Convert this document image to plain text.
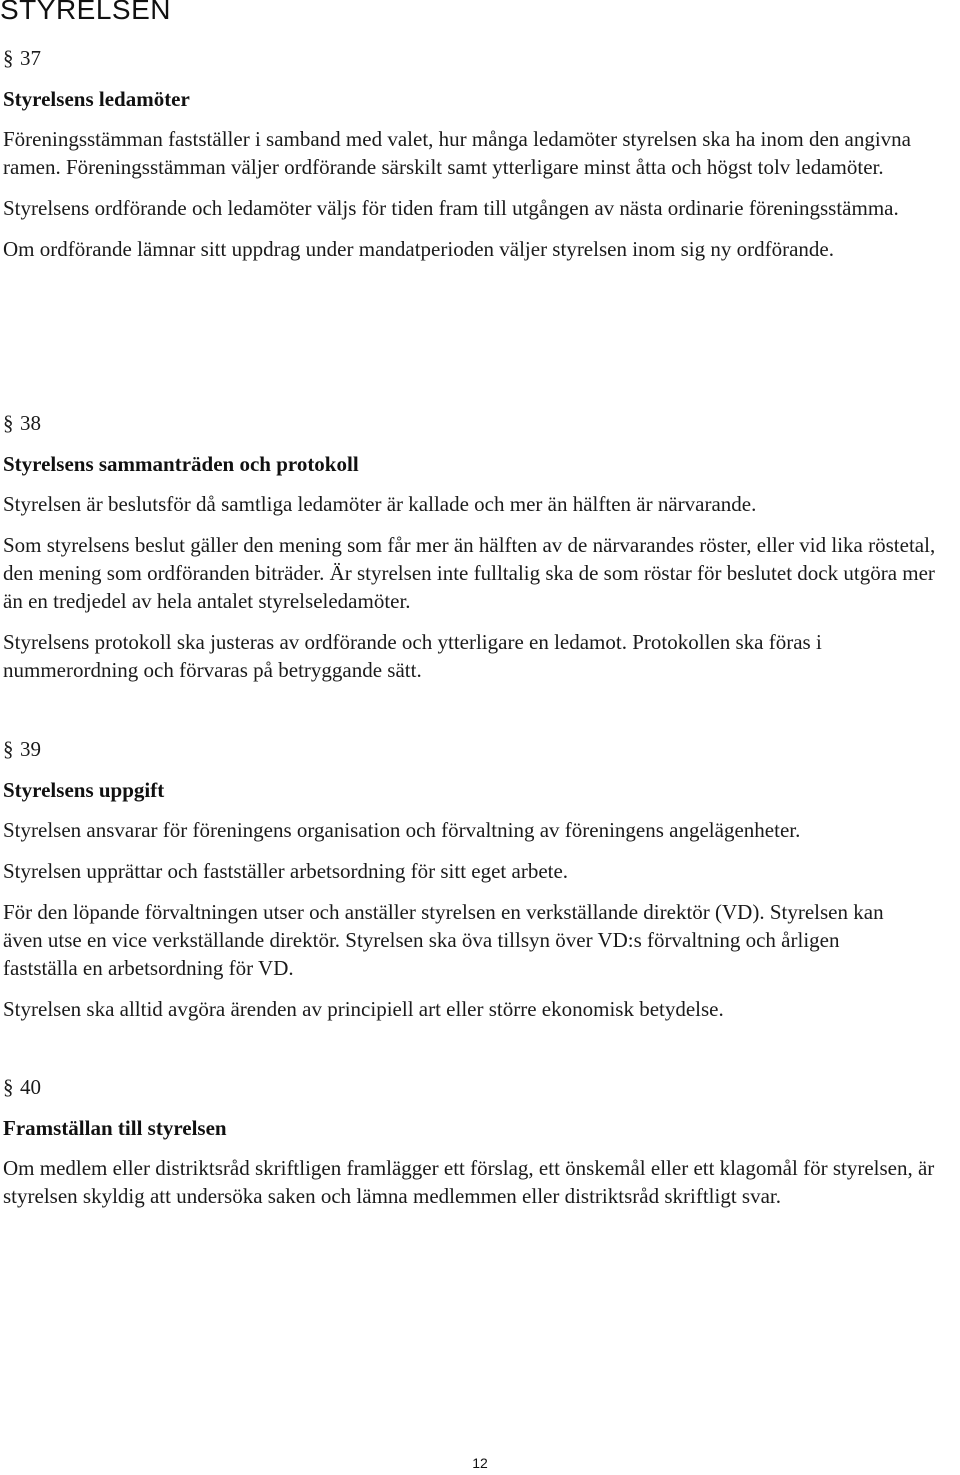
STYRELSEN
§ 37
Styrelsens ledamöter

Föreningsstämman fastställer i samband med valet, hur många ledamöter styrelsen ska ha inom den angivna ramen. Föreningsstämman väljer ordförande särskilt samt ytterligare minst åtta och högst tolv ledamöter.

Styrelsens ordförande och ledamöter väljs för tiden fram till utgången av nästa ordinarie föreningsstämma.

Om ordförande lämnar sitt uppdrag under mandatperioden väljer styrelsen inom sig ny ordförande.

§ 38
Styrelsens sammanträden och protokoll

Styrelsen är beslutsför då samtliga ledamöter är kallade och mer än hälften är närvarande.

Som styrelsens beslut gäller den mening som får mer än hälften av de närvarandes röster, eller vid lika röstetal, den mening som ordföranden biträder. Är styrelsen inte fulltalig ska de som röstar för beslutet dock utgöra mer än en tredjedel av hela antalet styrelseledamöter.

Styrelsens protokoll ska justeras av ordförande och ytterligare en ledamot. Protokollen ska föras i nummerordning och förvaras på betryggande sätt.

§ 39
Styrelsens uppgift

Styrelsen ansvarar för föreningens organisation och förvaltning av föreningens angelägenheter.

Styrelsen upprättar och fastställer arbetsordning för sitt eget arbete.

För den löpande förvaltningen utser och anställer styrelsen en verkställande direktör (VD). Styrelsen kan även utse en vice verkställande direktör. Styrelsen ska öva tillsyn över VD:s förvaltning och årligen fastställa en arbetsordning för VD.

Styrelsen ska alltid avgöra ärenden av principiell art eller större ekonomisk betydelse.

§ 40
Framställan till styrelsen

Om medlem eller distriktsråd skriftligen framlägger ett förslag, ett önskemål eller ett klagomål för styrelsen, är styrelsen skyldig att undersöka saken och lämna medlemmen eller distriktsråd skriftligt svar.

12
